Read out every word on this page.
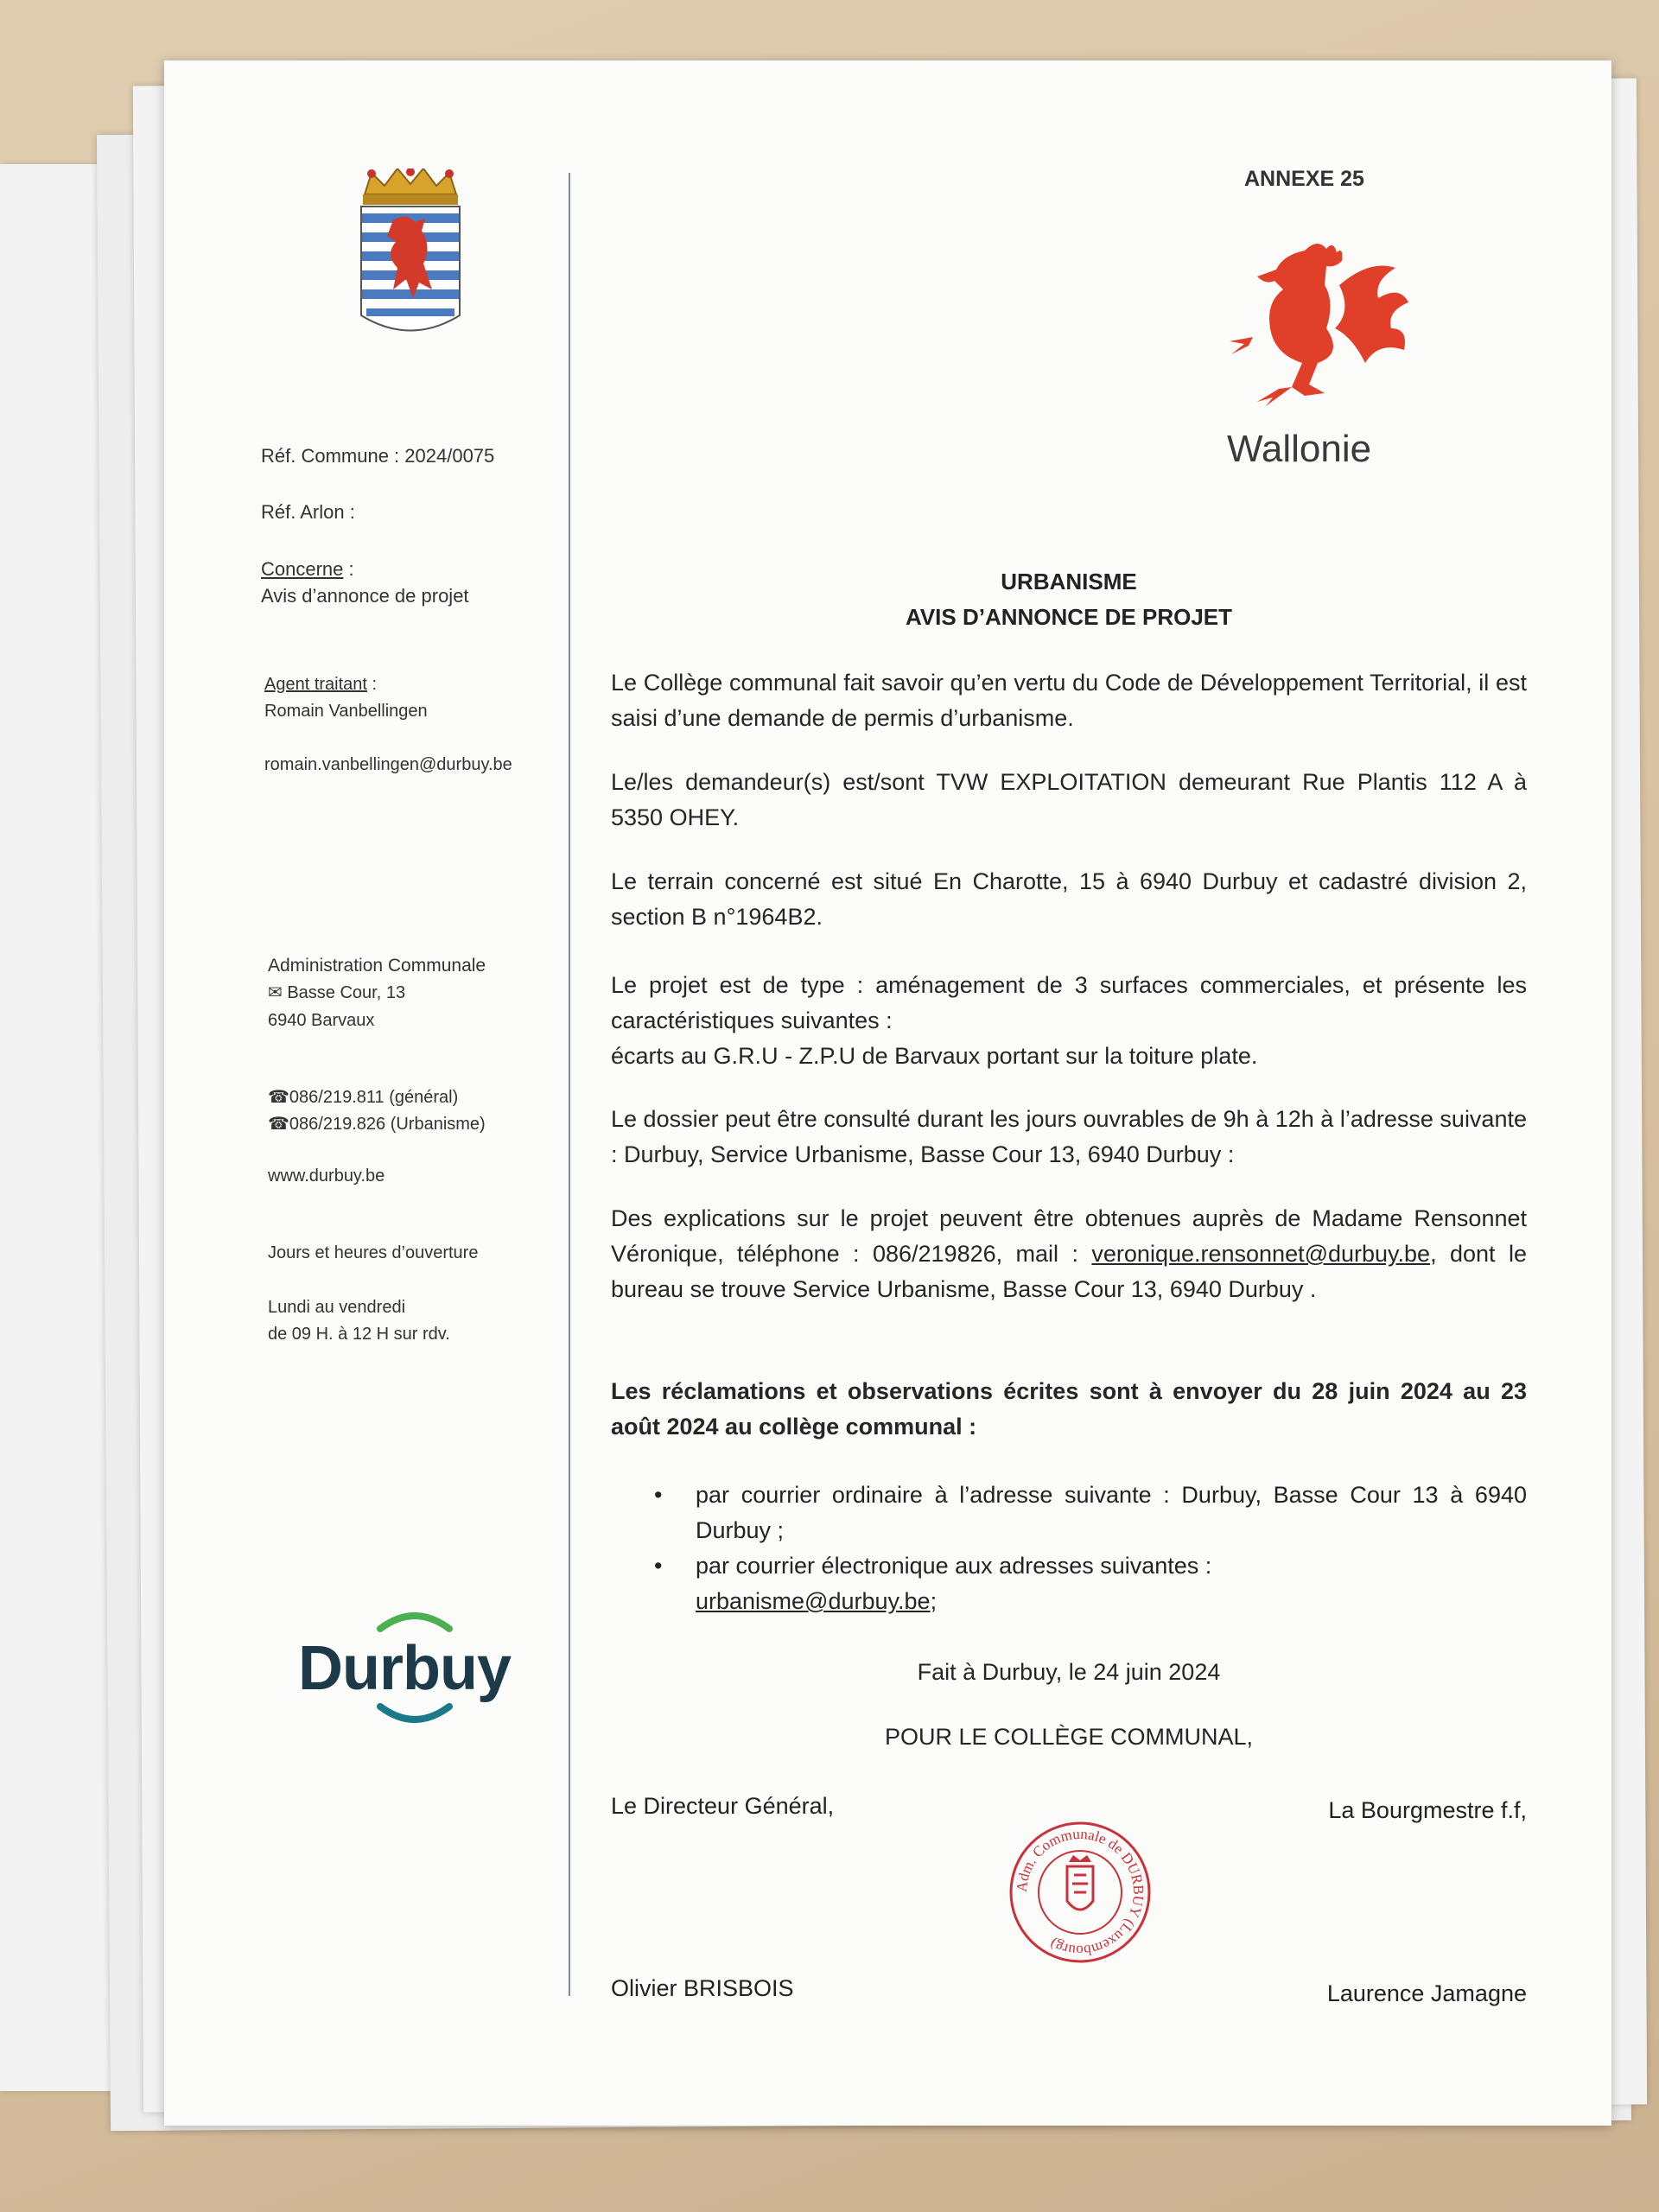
Réf. Commune : 2024/0075
Réf. Arlon :
Concerne :
Avis d’annonce de projet
Agent traitant :
Romain Vanbellingen
romain.vanbellingen@durbuy.be
Administration Communale
✉ Basse Cour, 13
6940 Barvaux
☎086/219.811 (général)
☎086/219.826 (Urbanisme)
www.durbuy.be
Jours et heures d’ouverture
Lundi au vendredi
de 09 H. à 12 H sur rdv.
Durbuy
ANNEXE 25
Wallonie
URBANISME
AVIS D’ANNONCE DE PROJET
Le Collège communal fait savoir qu’en vertu du Code de Développement Territorial, il est saisi d’une demande de permis d’urbanisme.
Le/les demandeur(s) est/sont TVW EXPLOITATION demeurant Rue Plantis 112 A à 5350 OHEY.
Le terrain concerné est situé En Charotte, 15 à 6940 Durbuy et cadastré division 2, section B n°1964B2.
Le projet est de type : aménagement de 3 surfaces commerciales, et présente les caractéristiques suivantes :
écarts au G.R.U - Z.P.U de Barvaux portant sur la toiture plate.
Le dossier peut être consulté durant les jours ouvrables de 9h à 12h à l’adresse suivante : Durbuy, Service Urbanisme, Basse Cour 13, 6940 Durbuy :
Des explications sur le projet peuvent être obtenues auprès de Madame Rensonnet Véronique, téléphone : 086/219826, mail : veronique.rensonnet@durbuy.be, dont le bureau se trouve Service Urbanisme, Basse Cour 13, 6940 Durbuy .
Les réclamations et observations écrites sont à envoyer du 28 juin 2024 au 23 août 2024 au collège communal :
• par courrier ordinaire à l’adresse suivante : Durbuy, Basse Cour 13 à 6940 Durbuy ;
• par courrier électronique aux adresses suivantes :
urbanisme@durbuy.be;
Fait à Durbuy, le 24 juin 2024
POUR LE COLLÈGE COMMUNAL,
Le Directeur Général,	La Bourgmestre f.f,
Adm. Communale de DURBUY (Luxembourg)
Olivier BRISBOIS	Laurence Jamagne
